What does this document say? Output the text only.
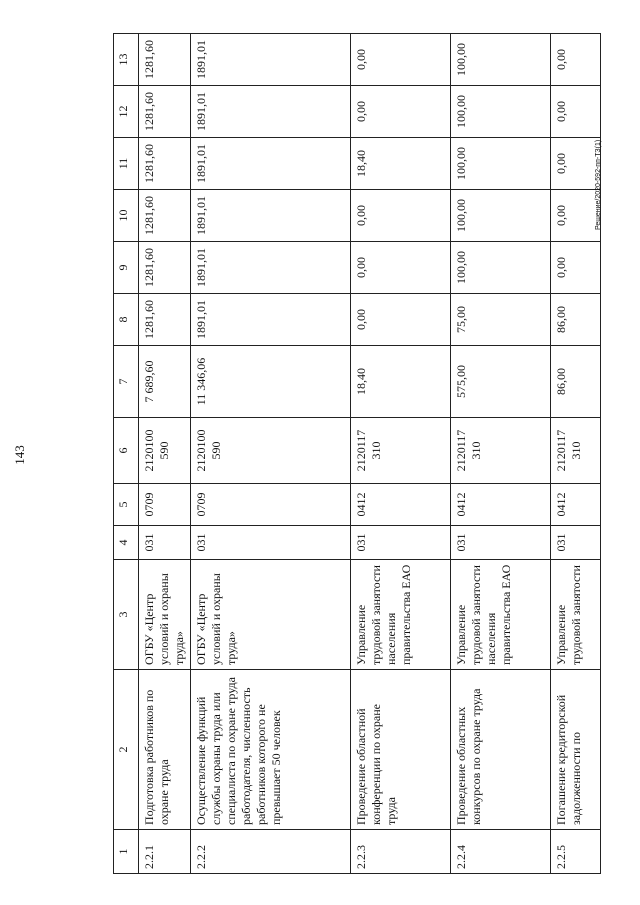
143
1	2	3	4	5	6	7	8	9	10	11	12	13
2.2.1	Подготовка работников по охране труда	ОГБУ «Центр условий и охраны труда»	031	0709	2120100 590	7 689,60	1281,60	1281,60	1281,60	1281,60	1281,60	1281,60
2.2.2	Осуществление функций службы охраны труда или специалиста по охране труда работодателя, численность работников которого не превышает 50 человек	ОГБУ «Центр условий и охраны труда»	031	0709	2120100 590	11 346,06	1891,01	1891,01	1891,01	1891,01	1891,01	1891,01
2.2.3	Проведение областной конференции по охране труда	Управление трудовой занятости населения правительства ЕАО	031	0412	2120117 310	18,40	0,00	0,00	0,00	18,40	0,00	0,00
2.2.4	Проведение областных конкурсов по охране труда	Управление трудовой занятости населения правительства ЕАО	031	0412	2120117 310	575,00	75,00	100,00	100,00	100,00	100,00	100,00
2.2.5	Погашение кредиторской задолженности по	Управление трудовой занятости	031	0412	2120117 310	86,00	86,00	0,00	0,00	0,00	0,00	0,00
Решение/2020-592-пп-ТЗ(1)
